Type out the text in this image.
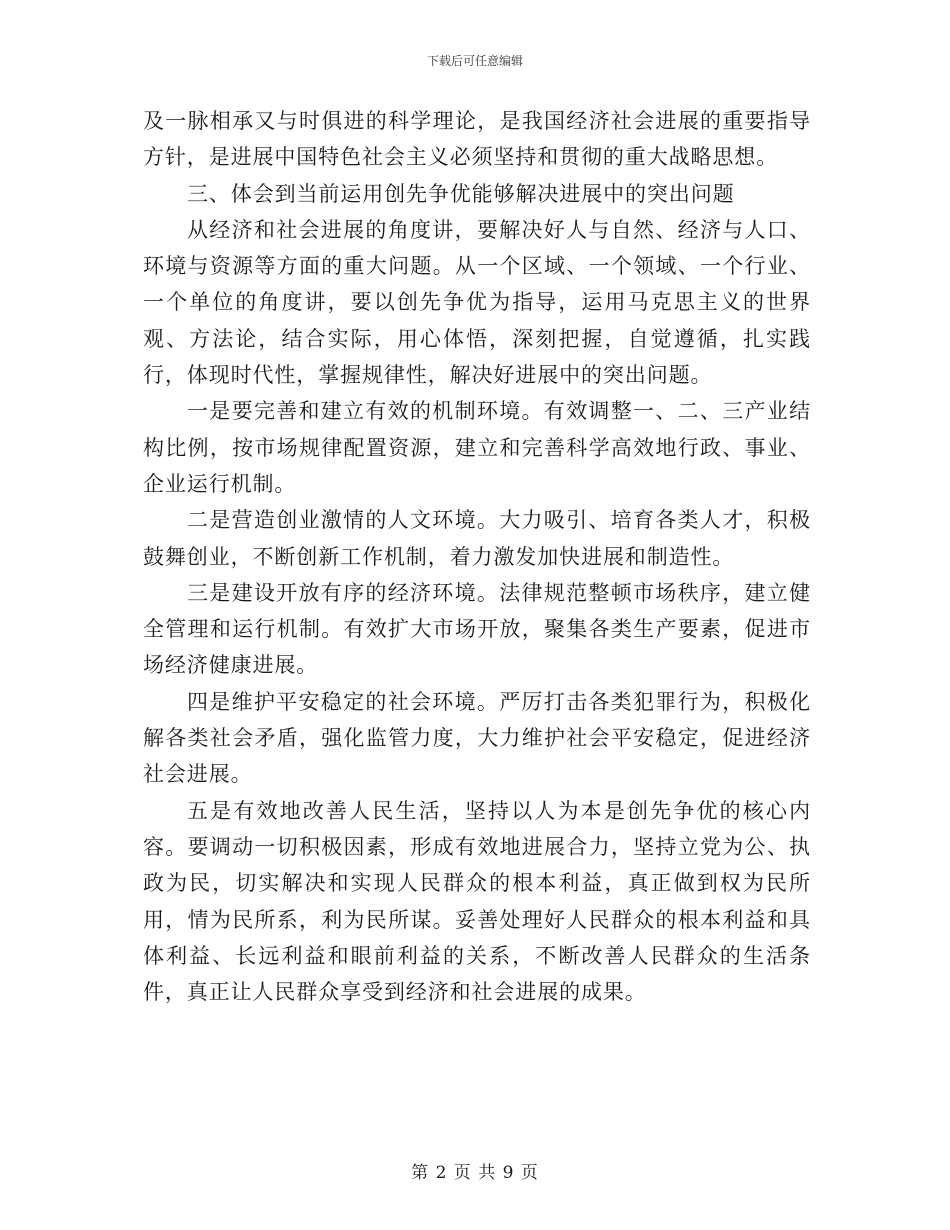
下载后可任意编辑

及一脉相承又与时俱进的科学理论，是我国经济社会进展的重要指导方针，是进展中国特色社会主义必须坚持和贯彻的重大战略思想。

三、体会到当前运用创先争优能够解决进展中的突出问题

从经济和社会进展的角度讲，要解决好人与自然、经济与人口、环境与资源等方面的重大问题。从一个区域、一个领域、一个行业、一个单位的角度讲，要以创先争优为指导，运用马克思主义的世界观、方法论，结合实际，用心体悟，深刻把握，自觉遵循，扎实践行，体现时代性，掌握规律性，解决好进展中的突出问题。

一是要完善和建立有效的机制环境。有效调整一、二、三产业结构比例，按市场规律配置资源，建立和完善科学高效地行政、事业、企业运行机制。

二是营造创业激情的人文环境。大力吸引、培育各类人才，积极鼓舞创业，不断创新工作机制，着力激发加快进展和制造性。

三是建设开放有序的经济环境。法律规范整顿市场秩序，建立健全管理和运行机制。有效扩大市场开放，聚集各类生产要素，促进市场经济健康进展。

四是维护平安稳定的社会环境。严厉打击各类犯罪行为，积极化解各类社会矛盾，强化监管力度，大力维护社会平安稳定，促进经济社会进展。

五是有效地改善人民生活，坚持以人为本是创先争优的核心内容。要调动一切积极因素，形成有效地进展合力，坚持立党为公、执政为民，切实解决和实现人民群众的根本利益，真正做到权为民所用，情为民所系，利为民所谋。妥善处理好人民群众的根本利益和具体利益、长远利益和眼前利益的关系，不断改善人民群众的生活条件，真正让人民群众享受到经济和社会进展的成果。

第 2 页 共 9 页
